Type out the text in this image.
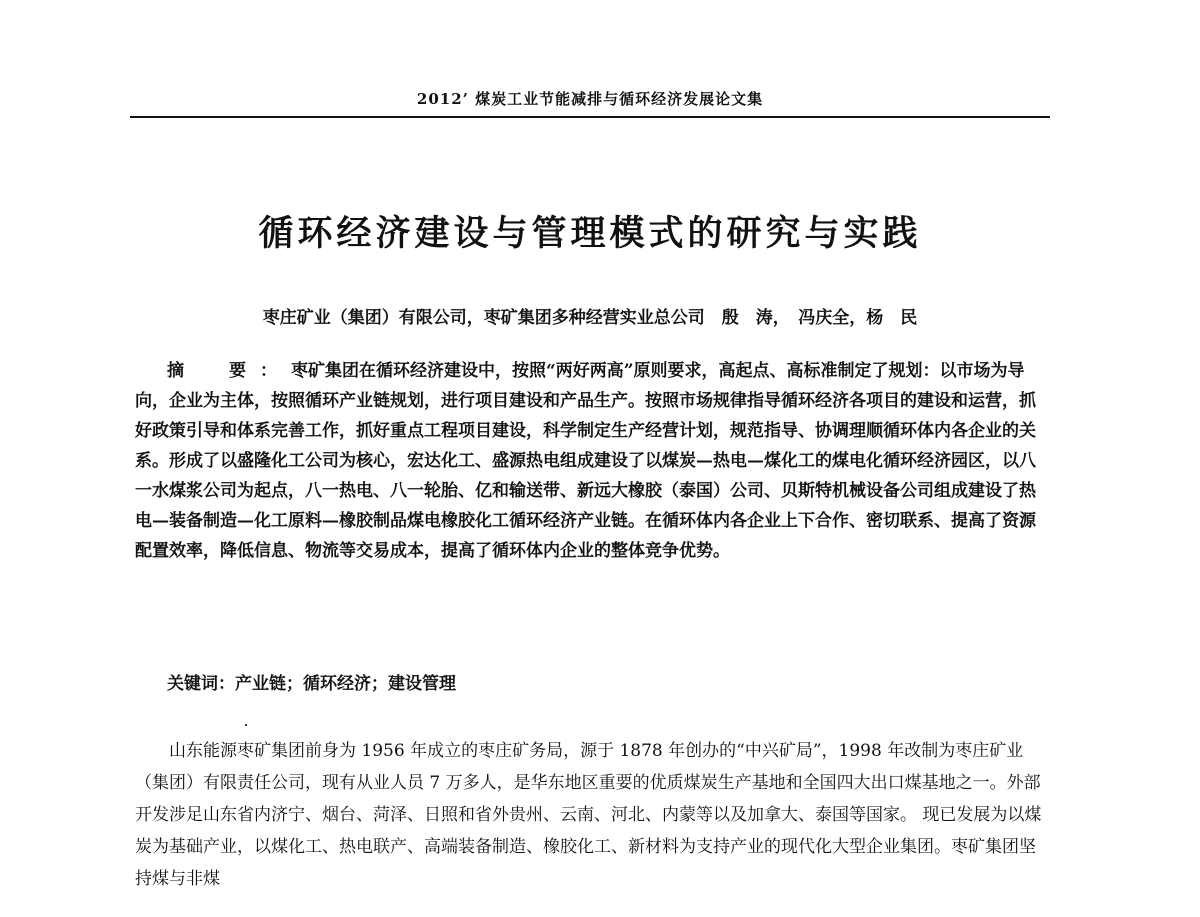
2012’ 煤炭工业节能减排与循环经济发展论文集
循环经济建设与管理模式的研究与实践
枣庄矿业（集团）有限公司，枣矿集团多种经营实业总公司　殷　涛，　冯庆全，杨　民

摘　要：枣矿集团在循环经济建设中，按照“两好两高”原则要求，高起点、高标准制定了规划：以市场为导向，企业为主体，按照循环产业链规划，进行项目建设和产品生产。按照市场规律指导循环经济各项目的建设和运营，抓好政策引导和体系完善工作，抓好重点工程项目建设，科学制定生产经营计划，规范指导、协调理顺循环体内各企业的关系。形成了以盛隆化工公司为核心，宏达化工、盛源热电组成建设了以煤炭—热电—煤化工的煤电化循环经济园区，以八一水煤浆公司为起点，八一热电、八一轮胎、亿和输送带、新远大橡胶（泰国）公司、贝斯特机械设备公司组成建设了热电—装备制造—化工原料—橡胶制品煤电橡胶化工循环经济产业链。在循环体内各企业上下合作、密切联系、提高了资源配置效率，降低信息、物流等交易成本，提高了循环体内企业的整体竞争优势。

关键词：产业链；循环经济；建设管理

山东能源枣矿集团前身为 1956 年成立的枣庄矿务局，源于 1878 年创办的“中兴矿局”，1998 年改制为枣庄矿业（集团）有限责任公司，现有从业人员 7 万多人，是华东地区重要的优质煤炭生产基地和全国四大出口煤基地之一。外部开发涉足山东省内济宁、烟台、菏泽、日照和省外贵州、云南、河北、内蒙等以及加拿大、泰国等国家。 现已发展为以煤炭为基础产业，以煤化工、热电联产、高端装备制造、橡胶化工、新材料为支持产业的现代化大型企业集团。枣矿集团坚持煤与非煤
